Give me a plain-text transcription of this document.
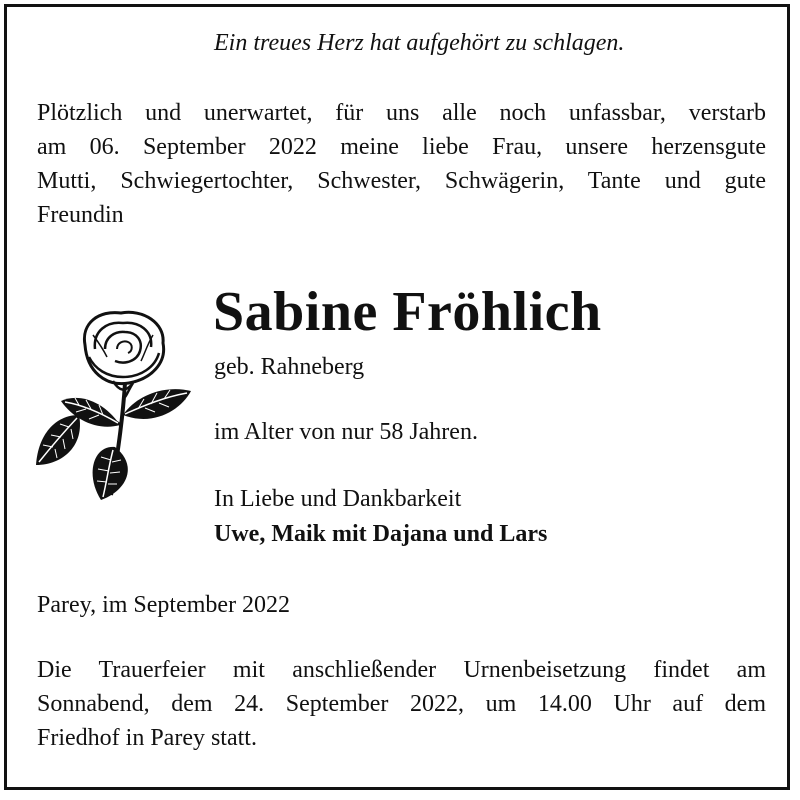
Ein treues Herz hat aufgehört zu schlagen.
Plötzlich und unerwartet, für uns alle noch unfassbar, verstarb
am 06. September 2022 meine liebe Frau, unsere herzensgute
Mutti, Schwiegertochter, Schwester, Schwägerin, Tante und gute
Freundin
Sabine Fröhlich
geb. Rahneberg
im Alter von nur 58 Jahren.
In Liebe und Dankbarkeit
Uwe, Maik mit Dajana und Lars
Parey, im September 2022
Die Trauerfeier mit anschließender Urnenbeisetzung findet am
Sonnabend, dem 24. September 2022, um 14.00 Uhr auf dem
Friedhof in Parey statt.
